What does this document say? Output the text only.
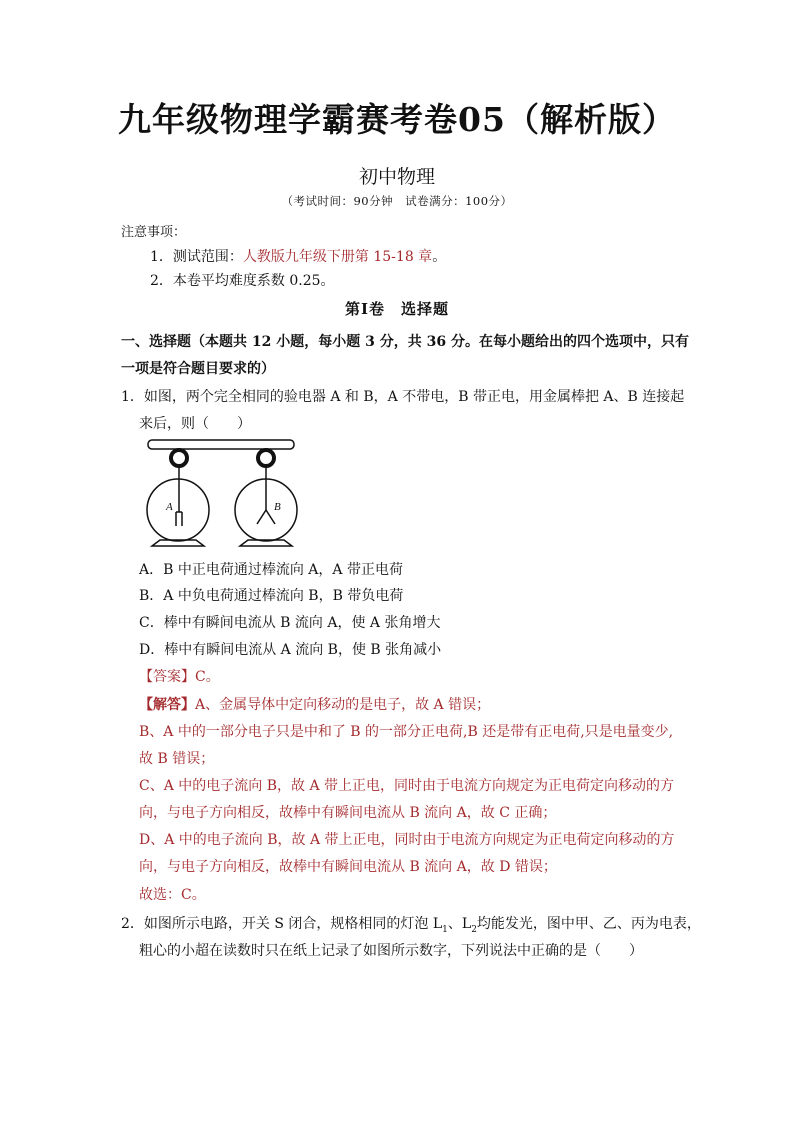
九年级物理学霸赛考卷05（解析版）
初中物理
（考试时间：90分钟　试卷满分：100分）
注意事项：
1．测试范围：人教版九年级下册第 15-18 章。
2．本卷平均难度系数 0.25。
第Ⅰ卷　选择题
一、选择题（本题共 12 小题，每小题 3 分，共 36 分。在每小题给出的四个选项中，只有
一项是符合题目要求的）
1．如图，两个完全相同的验电器 A 和 B，A 不带电，B 带正电，用金属棒把 A、B 连接起
来后，则（　　）
A	B
A．B 中正电荷通过棒流向 A，A 带正电荷
B．A 中负电荷通过棒流向 B，B 带负电荷
C．棒中有瞬间电流从 B 流向 A，使 A 张角增大
D．棒中有瞬间电流从 A 流向 B，使 B 张角减小
【答案】C。
【解答】A、金属导体中定向移动的是电子，故 A 错误；
B、A 中的一部分电子只是中和了 B 的一部分正电荷,B 还是带有正电荷,只是电量变少,
故 B 错误；
C、A 中的电子流向 B，故 A 带上正电，同时由于电流方向规定为正电荷定向移动的方
向，与电子方向相反，故棒中有瞬间电流从 B 流向 A，故 C 正确；
D、A 中的电子流向 B，故 A 带上正电，同时由于电流方向规定为正电荷定向移动的方
向，与电子方向相反，故棒中有瞬间电流从 B 流向 A，故 D 错误；
故选：C。
2．如图所示电路，开关 S 闭合，规格相同的灯泡 $L_1$、$L_2$均能发光，图中甲、乙、丙为电表，
粗心的小超在读数时只在纸上记录了如图所示数字，下列说法中正确的是（　　）
